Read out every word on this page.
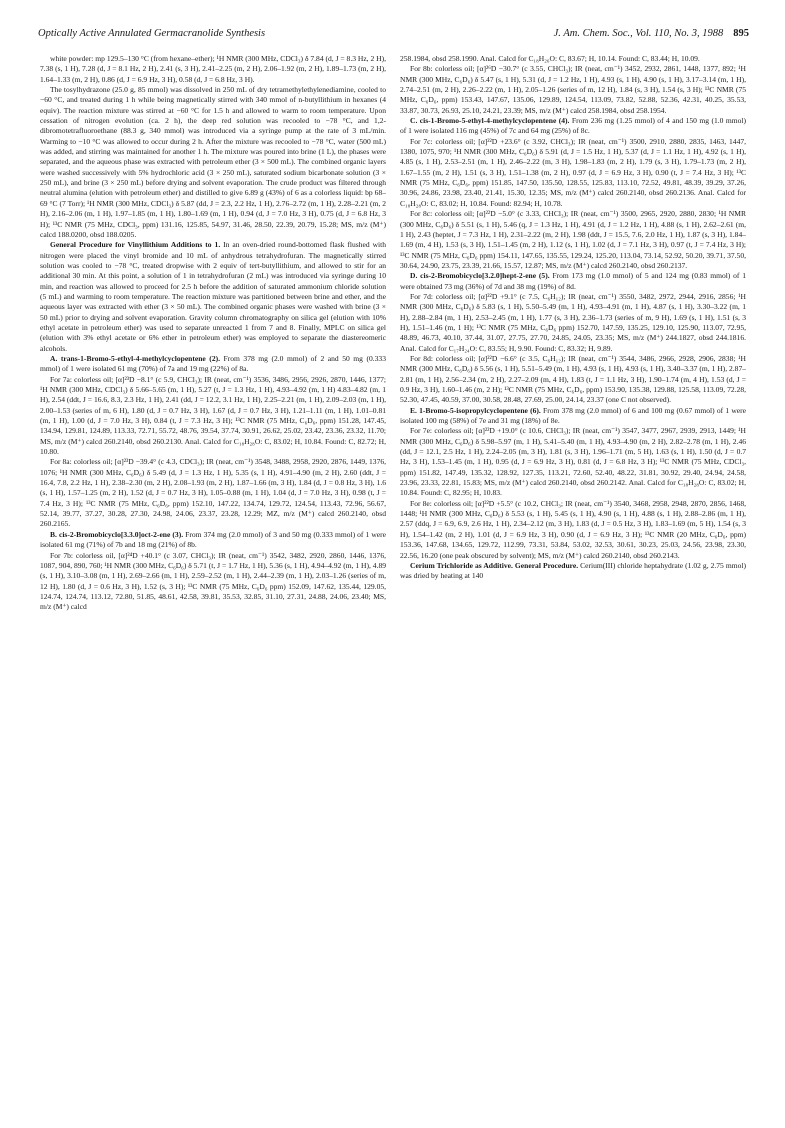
Optically Active Annulated Germacranolide Synthesis	J. Am. Chem. Soc., Vol. 110, No. 3, 1988 895

white powder: mp 129.5–130 °C (from hexane–ether); ¹H NMR (300 MHz, CDCl₃) δ 7.84 (d, J = 8.3 Hz, 2 H), 7.38 (s, 1 H), 7.28 (d, J = 8.1 Hz, 2 H), 2.41 (s, 3 H), 2.41–2.25 (m, 2 H), 2.06–1.92 (m, 2 H), 1.89–1.73 (m, 2 H), 1.64–1.33 (m, 2 H), 0.86 (d, J = 6.9 Hz, 3 H), 0.58 (d, J = 6.8 Hz, 3 H).

The tosylhydrazone (25.0 g, 85 mmol) was dissolved in 250 mL of dry tetramethylethylenediamine, cooled to −60 °C, and treated during 1 h while being magnetically stirred with 340 mmol of n-butyllithium in hexanes (4 equiv). The reaction mixture was stirred at −60 °C for 1.5 h and allowed to warm to room temperature. Upon cessation of nitrogen evolution (ca. 2 h), the deep red solution was recooled to −78 °C, and 1,2-dibromotetrafluoroethane (88.3 g, 340 mmol) was introduced via a syringe pump at the rate of 3 mL/min. Warming to −10 °C was allowed to occur during 2 h. After the mixture was recooled to −78 °C, water (500 mL) was added, and stirring was maintained for another 1 h. The mixture was poured into brine (1 L), the phases were separated, and the aqueous phase was extracted with petroleum ether (3 × 500 mL). The combined organic layers were washed successively with 5% hydrochloric acid (3 × 250 mL), saturated sodium bicarbonate solution (3 × 250 mL), and brine (3 × 250 mL) before drying and solvent evaporation. The crude product was filtered through neutral alumina (elution with petroleum ether) and distilled to give 6.89 g (43%) of 6 as a colorless liquid: bp 68–69 °C (7 Torr); ¹H NMR (300 MHz, CDCl₃) δ 5.87 (dd, J = 2.3, 2.2 Hz, 1 H), 2.76–2.72 (m, 1 H), 2.28–2.21 (m, 2 H), 2.16–2.06 (m, 1 H), 1.97–1.85 (m, 1 H), 1.80–1.69 (m, 1 H), 0.94 (d, J = 7.0 Hz, 3 H), 0.75 (d, J = 6.8 Hz, 3 H); ¹³C NMR (75 MHz, CDCl₃, ppm) 131.16, 125.85, 54.97, 31.46, 28.50, 22.39, 20.79, 15.28; MS, m/z (M⁺) calcd 188.0200, obsd 188.0205.

General Procedure for Vinyllithium Additions to 1. In an oven-dried round-bottomed flask flushed with nitrogen were placed the vinyl bromide and 10 mL of anhydrous tetrahydrofuran. The magnetically stirred solution was cooled to −78 °C, treated dropwise with 2 equiv of tert-butyllithium, and allowed to stir for an additional 30 min. At this point, a solution of 1 in tetrahydrofuran (2 mL) was introduced via syringe during 10 min, and reaction was allowed to proceed for 2.5 h before the addition of saturated ammonium chloride solution (5 mL) and warming to room temperature. The reaction mixture was partitioned between brine and ether, and the aqueous layer was extracted with ether (3 × 50 mL). The combined organic phases were washed with brine (3 × 50 mL) prior to drying and solvent evaporation. Gravity column chromatography on silica gel (elution with 10% ethyl acetate in petroleum ether) was used to separate unreacted 1 from 7 and 8. Finally, MPLC on silica gel (elution with 3% ethyl acetate or 6% ether in petroleum ether) was employed to separate the diastereomeric alcohols.

A. trans-1-Bromo-5-ethyl-4-methylcyclopentene (2). From 378 mg (2.0 mmol) of 2 and 50 mg (0.333 mmol) of 1 were isolated 61 mg (70%) of 7a and 19 mg (22%) of 8a.

For 7a: colorless oil; [α]²³D −8.1° (c 5.9, CHCl₃); IR (neat, cm⁻¹) 3536, 3486, 2956, 2926, 2870, 1446, 1377; ¹H NMR (300 MHz, CDCl₃) δ 5.66–5.65 (m, 1 H), 5.27 (t, J = 1.3 Hz, 1 H), 4.93–4.92 (m, 1 H) 4.83–4.82 (m, 1 H), 2.54 (ddt, J = 16.6, 8.3, 2.3 Hz, 1 H), 2.41 (dd, J = 12.2, 3.1 Hz, 1 H), 2.25–2.21 (m, 1 H), 2.09–2.03 (m, 1 H), 2.00–1.53 (series of m, 6 H), 1.80 (d, J = 0.7 Hz, 3 H), 1.67 (d, J = 0.7 Hz, 3 H), 1.21–1.11 (m, 1 H), 1.01–0.81 (m, 1 H), 1.00 (d, J = 7.0 Hz, 3 H), 0.84 (t, J = 7.3 Hz, 3 H); ¹³C NMR (75 MHz, C₆D₆, ppm) 151.28, 147.45, 134.94, 129.81, 124.89, 113.33, 72.71, 55.72, 48.76, 39.54, 37.74, 30.91, 26.62, 25.02, 23.42, 23.36, 23.32, 11.70; MS, m/z (M⁺) calcd 260.2140, obsd 260.2130. Anal. Calcd for C₁₈H₂₈O: C, 83.02; H, 10.84. Found: C, 82.72; H, 10.80.

For 8a: colorless oil; [α]²³D −39.4° (c 4.3, CDCl₃); IR (neat, cm⁻¹) 3548, 3488, 2958, 2920, 2876, 1449, 1376, 1076; ¹H NMR (300 MHz, C₆D₆) δ 5.49 (d, J = 1.3 Hz, 1 H), 5.35 (s, 1 H), 4.91–4.90 (m, 2 H), 2.60 (ddt, J = 16.4, 7.8, 2.2 Hz, 1 H), 2.38–2.30 (m, 2 H), 2.08–1.93 (m, 2 H), 1.87–1.66 (m, 3 H), 1.84 (d, J = 0.8 Hz, 3 H), 1.6 (s, 1 H), 1.57–1.25 (m, 2 H), 1.52 (d, J = 0.7 Hz, 3 H), 1.05–0.88 (m, 1 H), 1.04 (d, J = 7.0 Hz, 3 H), 0.98 (t, J = 7.4 Hz, 3 H); ¹³C NMR (75 MHz, C₆D₆, ppm) 152.10, 147.22, 134.74, 129.72, 124.54, 113.43, 72.96, 56.67, 52.14, 39.77, 37.27, 30.28, 27.30, 24.98, 24.06, 23.37, 23.28, 12.29; MZ, m/z (M⁺) calcd 260.2140, obsd 260.2165.

B. cis-2-Bromobicyclo[3.3.0]oct-2-ene (3). From 374 mg (2.0 mmol) of 3 and 50 mg (0.333 mmol) of 1 were isolated 61 mg (71%) of 7b and 18 mg (21%) of 8b.

For 7b: colorless oil, [α]²⁴D +40.1° (c 3.07, CHCl₃); IR (neat, cm⁻¹) 3542, 3482, 2920, 2860, 1446, 1376, 1087, 904, 890, 760; ¹H NMR (300 MHz, C₆D₆) δ 5.71 (t, J = 1.7 Hz, 1 H), 5.36 (s, 1 H), 4.94–4.92 (m, 1 H), 4.89 (s, 1 H), 3.10–3.08 (m, 1 H), 2.69–2.66 (m, 1 H), 2.59–2.52 (m, 1 H), 2.44–2.39 (m, 1 H), 2.03–1.26 (series of m, 12 H), 1.80 (d, J = 0.6 Hz, 3 H), 1.52 (s, 3 H); ¹³C NMR (75 MHz, C₆D₆ ppm) 152.09, 147.62, 135.44, 129.05, 124.74, 124.74, 113.12, 72.80, 51.85, 48.61, 42.58, 39.81, 35.53, 32.85, 31.10, 27.31, 24.88, 24.06, 23.40; MS, m/z (M⁺) calcd

258.1984, obsd 258.1990. Anal. Calcd for C₁₈H₂₆O: C, 83.67; H, 10.14. Found: C, 83.44; H, 10.09.

For 8b: colorless oil; [α]²⁶D −30.7° (c 3.55, CHCl₃); IR (neat, cm⁻¹) 3452, 2932, 2861, 1448, 1377, 892; ¹H NMR (300 MHz, C₆D₆) δ 5.47 (s, 1 H), 5.31 (d, J = 1.2 Hz, 1 H), 4.93 (s, 1 H), 4.90 (s, 1 H), 3.17–3.14 (m, 1 H), 2.74–2.51 (m, 2 H), 2.26–2.22 (m, 1 H), 2.05–1.26 (series of m, 12 H), 1.84 (s, 3 H), 1.54 (s, 3 H); ¹³C NMR (75 MHz, C₆D₆, ppm) 153.43, 147.67, 135.06, 129.89, 124.54, 113.09, 73.82, 52.88, 52.36, 42.31, 40.25, 35.53, 33.87, 30.73, 26.93, 25.10, 24.21, 23.39; MS, m/z (M⁺) calcd 258.1984, obsd 258.1954.

C. cis-1-Bromo-5-ethyl-4-methylcyclopentene (4). From 236 mg (1.25 mmol) of 4 and 150 mg (1.0 mmol) of 1 were isolated 116 mg (45%) of 7c and 64 mg (25%) of 8c.

For 7c: colorless oil; [α]²²D +23.6° (c 3.92, CHCl₃); IR (neat, cm⁻¹) 3500, 2910, 2880, 2835, 1463, 1447, 1380, 1075, 970; ¹H NMR (300 MHz, C₆D₆) δ 5.91 (d, J = 1.5 Hz, 1 H), 5.37 (d, J = 1.1 Hz, 1 H), 4.92 (s, 1 H), 4.85 (s, 1 H), 2.53–2.51 (m, 1 H), 2.46–2.22 (m, 3 H), 1.98–1.83 (m, 2 H), 1.79 (s, 3 H), 1.79–1.73 (m, 2 H), 1.67–1.55 (m, 2 H), 1.51 (s, 3 H), 1.51–1.38 (m, 2 H), 0.97 (d, J = 6.9 Hz, 3 H), 0.90 (t, J = 7.4 Hz, 3 H); ¹³C NMR (75 MHz, C₆D₆, ppm) 151.85, 147.50, 135.50, 128.55, 125.83, 113.10, 72.52, 49.81, 48.39, 39.29, 37.26, 30.96, 24.86, 23.98, 23.40, 21.41, 15.30, 12.35; MS, m/z (M⁺) calcd 260.2140, obsd 260.2136. Anal. Calcd for C₁₈H₂₈O: C, 83.02; H, 10.84. Found: 82.94; H, 10.78.

For 8c: colorless oil; [α]²²D −5.0° (c 3.33, CHCl₃); IR (neat, cm⁻¹) 3500, 2965, 2920, 2880, 2830; ¹H NMR (300 MHz, C₆D₆) δ 5.51 (s, 1 H), 5.46 (q, J = 1.3 Hz, 1 H), 4.91 (d, J = 1.2 Hz, 1 H), 4.88 (s, 1 H), 2.62–2.61 (m, 1 H), 2.43 (heptet, J = 7.3 Hz, 1 H), 2.31–2.22 (m, 2 H), 1.98 (ddt, J = 15.5, 7.6, 2.0 Hz, 1 H), 1.87 (s, 3 H), 1.84–1.69 (m, 4 H), 1.53 (s, 3 H), 1.51–1.45 (m, 2 H), 1.12 (s, 1 H), 1.02 (d, J = 7.1 Hz, 3 H), 0.97 (t, J = 7.4 Hz, 3 H); ¹³C NMR (75 MHz, C₆D₆ ppm) 154.11, 147.65, 135.55, 129.24, 125.20, 113.04, 73.14, 52.92, 50.20, 39.71, 37.50, 30.64, 24.90, 23.75, 23.39, 21.66, 15.57, 12.87; MS, m/z (M⁺) calcd 260.2140, obsd 260.2137.

D. cis-2-Bromobicyclo[3.2.0]hept-2-ene (5). From 173 mg (1.0 mmol) of 5 and 124 mg (0.83 mmol) of 1 were obtained 73 mg (36%) of 7d and 38 mg (19%) of 8d.

For 7d: colorless oil; [α]²²D +9.1° (c 7.5, C₆H₁₂); IR (neat, cm⁻¹) 3550, 3482, 2972, 2944, 2916, 2856; ¹H NMR (300 MHz, C₆D₆) δ 5.83 (s, 1 H), 5.50–5.49 (m, 1 H), 4.93–4.91 (m, 1 H), 4.87 (s, 1 H), 3.30–3.22 (m, 1 H), 2.88–2.84 (m, 1 H), 2.53–2.45 (m, 1 H), 1.77 (s, 3 H), 2.36–1.73 (series of m, 9 H), 1.69 (s, 1 H), 1.51 (s, 3 H), 1.51–1.46 (m, 1 H); ¹³C NMR (75 MHz, C₆D₆ ppm) 152.70, 147.59, 135.25, 129.10, 125.90, 113.07, 72.95, 48.89, 46.73, 40.10, 37.44, 31.07, 27.75, 27.70, 24.85, 24.05, 23.35; MS, m/z (M⁺) 244.1827, obsd 244.1816. Anal. Calcd for C₁₇H₂₄O: C, 83.55; H, 9.90. Found: C, 83.32; H, 9.89.

For 8d: colorless oil; [α]²²D −6.6° (c 3.5, C₆H₁₂); IR (neat, cm⁻¹) 3544, 3486, 2966, 2928, 2906, 2838; ¹H NMR (300 MHz, C₆D₆) δ 5.56 (s, 1 H), 5.51–5.49 (m, 1 H), 4.93 (s, 1 H), 4.93 (s, 1 H), 3.40–3.37 (m, 1 H), 2.87–2.81 (m, 1 H), 2.56–2.34 (m, 2 H), 2.27–2.09 (m, 4 H), 1.83 (t, J = 1.1 Hz, 3 H), 1.90–1.74 (m, 4 H), 1.53 (d, J = 0.9 Hz, 3 H), 1.60–1.46 (m, 2 H); ¹³C NMR (75 MHz, C₆D₆, ppm) 153.90, 135.38, 129.88, 125.58, 113.09, 72.28, 52.30, 47.45, 40.59, 37.00, 30.58, 28.48, 27.69, 25.00, 24.14, 23.37 (one C not observed).

E. 1-Bromo-5-isopropylcyclopentene (6). From 378 mg (2.0 mmol) of 6 and 100 mg (0.67 mmol) of 1 were isolated 100 mg (58%) of 7e and 31 mg (18%) of 8e.

For 7e: colorless oil; [α]²²D +19.0° (c 10.6, CHCl₃); IR (neat, cm⁻¹) 3547, 3477, 2967, 2939, 2913, 1449; ¹H NMR (300 MHz, C₆D₆) δ 5.98–5.97 (m, 1 H), 5.41–5.40 (m, 1 H), 4.93–4.90 (m, 2 H), 2.82–2.78 (m, 1 H), 2.46 (dd, J = 12.1, 2.5 Hz, 1 H), 2.24–2.05 (m, 3 H), 1.81 (s, 3 H), 1.96–1.71 (m, 5 H), 1.63 (s, 1 H), 1.50 (d, J = 0.7 Hz, 3 H), 1.53–1.45 (m, 1 H), 0.95 (d, J = 6.9 Hz, 3 H), 0.81 (d, J = 6.8 Hz, 3 H); ¹³C NMR (75 MHz, CDCl₃, ppm) 151.82, 147.49, 135.32, 128.92, 127.35, 113.21, 72.60, 52.40, 48.22, 31.81, 30.92, 29.40, 24.94, 24.58, 23.96, 23.33, 22.81, 15.83; MS, m/z (M⁺) calcd 260.2140, obsd 260.2142. Anal. Calcd for C₁₈H₂₈O: C, 83.02; H, 10.84. Found: C, 82.95; H, 10.83.

For 8e: colorless oil; [α]²²D +5.5° (c 10.2, CHCl₃; IR (neat, cm⁻¹) 3540, 3468, 2958, 2948, 2870, 2856, 1468, 1448; ¹H NMR (300 MHz, C₆D₆) δ 5.53 (s, 1 H), 5.45 (s, 1 H), 4.90 (s, 1 H), 4.88 (s, 1 H), 2.88–2.86 (m, 1 H), 2.57 (ddq, J = 6.9, 6.9, 2.6 Hz, 1 H), 2.34–2.12 (m, 3 H), 1.83 (d, J = 0.5 Hz, 3 H), 1.83–1.69 (m, 5 H), 1.54 (s, 3 H), 1.54–1.42 (m, 2 H), 1.01 (d, J = 6.9 Hz, 3 H), 0.90 (d, J = 6.9 Hz, 3 H); ¹³C NMR (20 MHz, C₆D₆, ppm) 153.36, 147.68, 134.65, 129.72, 112.99, 73.31, 53.84, 53.02, 32.53, 30.61, 30.23, 25.03, 24.56, 23.98, 23.30, 22.56, 16.20 (one peak obscured by solvent); MS, m/z (M⁺) calcd 260.2140, obsd 260.2143.

Cerium Trichloride as Additive. General Procedure. Cerium(III) chloride heptahydrate (1.02 g, 2.75 mmol) was dried by heating at 140
